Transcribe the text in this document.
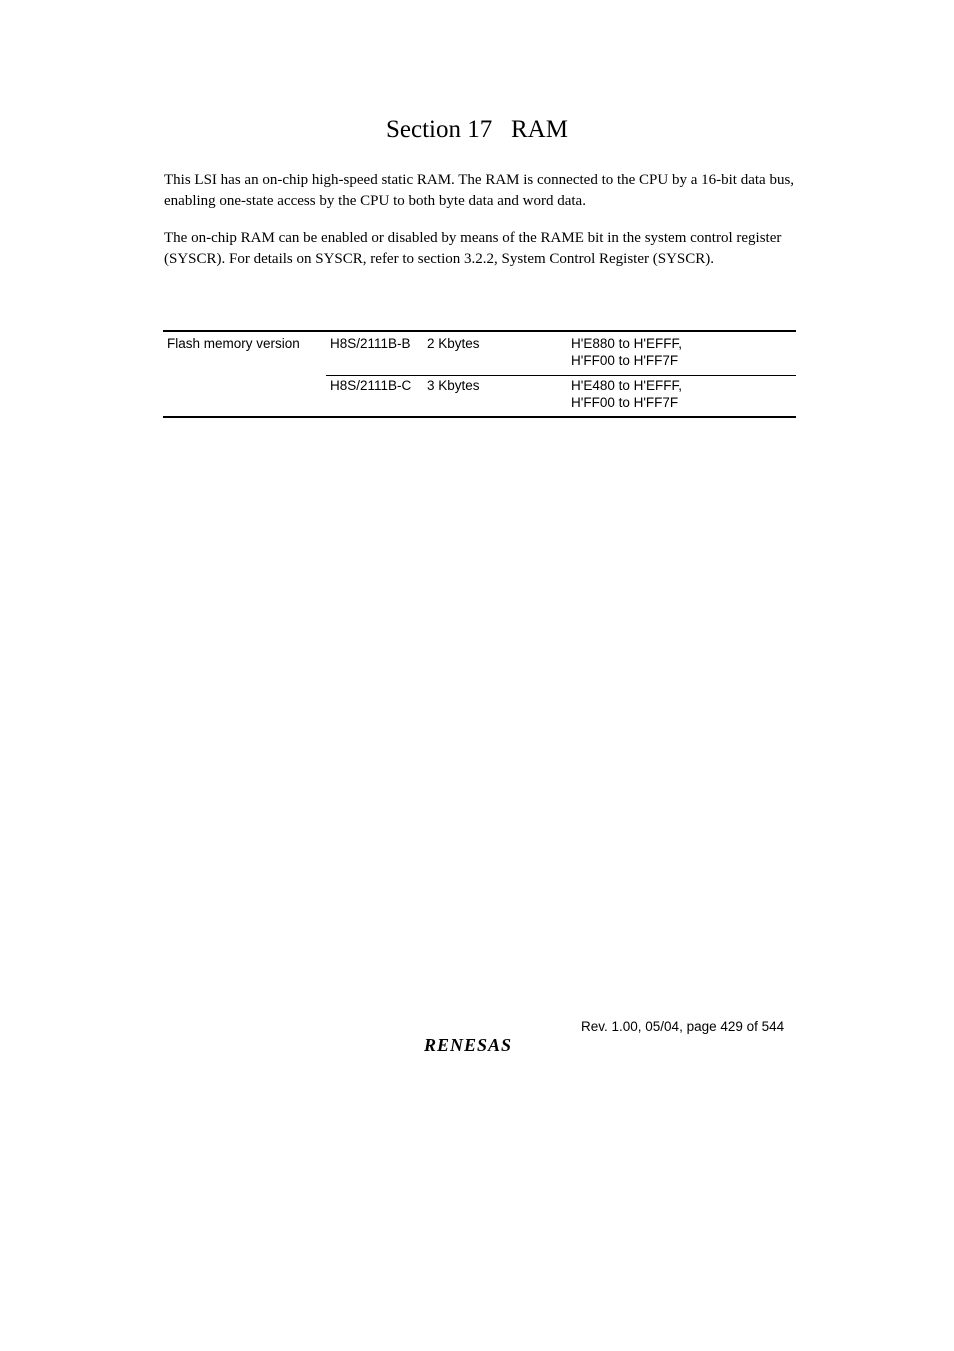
Section 17   RAM

This LSI has an on-chip high-speed static RAM. The RAM is connected to the CPU by a 16-bit data bus, enabling one-state access by the CPU to both byte data and word data.

The on-chip RAM can be enabled or disabled by means of the RAME bit in the system control register (SYSCR). For details on SYSCR, refer to section 3.2.2, System Control Register (SYSCR).

Flash memory version H8S/2111B-B 2 Kbytes	H'E880 to H'EFFF,
H'FF00 to H'FF7F
H8S/2111B-C 3 Kbytes	H'E480 to H'EFFF,
H'FF00 to H'FF7F
Rev. 1.00, 05/04, page 429 of 544
RENESAS
